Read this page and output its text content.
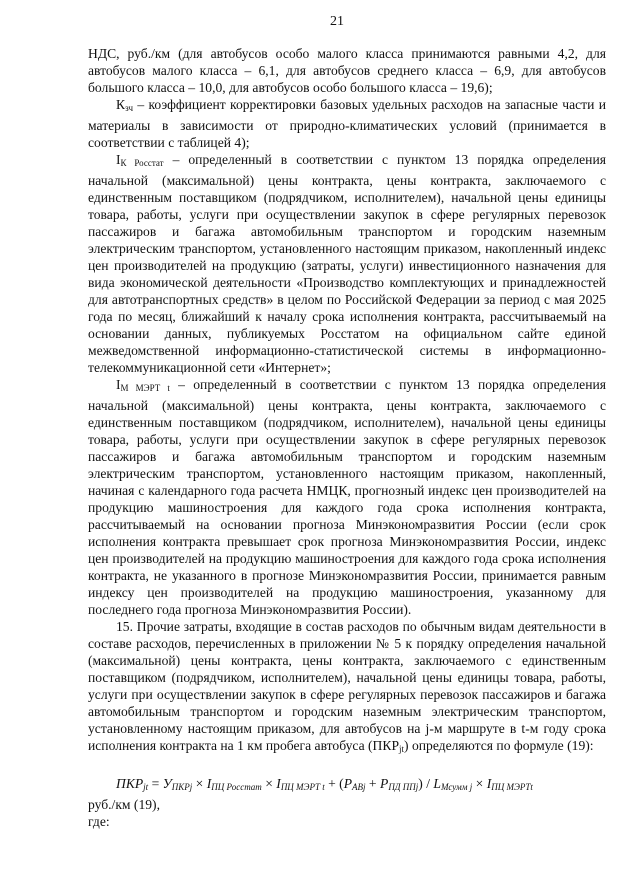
21

НДС, руб./км (для автобусов особо малого класса принимаются равными 4,2, для автобусов малого класса – 6,1, для автобусов среднего класса – 6,9, для автобусов большого класса – 10,0, для автобусов особо большого класса – 19,6);

$К_{зч}$ – коэффициент корректировки базовых удельных расходов на запасные части и материалы в зависимости от природно-климатических условий (принимается в соответствии с таблицей 4);

$I_{К Росстат}$ – определенный в соответствии с пунктом 13 порядка определения начальной (максимальной) цены контракта, цены контракта, заключаемого с единственным поставщиком (подрядчиком, исполнителем), начальной цены единицы товара, работы, услуги при осуществлении закупок в сфере регулярных перевозок пассажиров и багажа автомобильным транспортом и городским наземным электрическим транспортом, установленного настоящим приказом, накопленный индекс цен производителей на продукцию (затраты, услуги) инвестиционного назначения для вида экономической деятельности «Производство комплектующих и принадлежностей для автотранспортных средств» в целом по Российской Федерации за период с мая 2025 года по месяц, ближайший к началу срока исполнения контракта, рассчитываемый на основании данных, публикуемых Росстатом на официальном сайте единой межведомственной информационно-статистической системы в информационно-телекоммуникационной сети «Интернет»;

$I_{М МЭРТ t}$ – определенный в соответствии с пунктом 13 порядка определения начальной (максимальной) цены контракта, цены контракта, заключаемого с единственным поставщиком (подрядчиком, исполнителем), начальной цены единицы товара, работы, услуги при осуществлении закупок в сфере регулярных перевозок пассажиров и багажа автомобильным транспортом и городским наземным электрическим транспортом, установленного настоящим приказом, накопленный, начиная с календарного года расчета НМЦК, прогнозный индекс цен производителей на продукцию машиностроения для каждого года срока исполнения контракта, рассчитываемый на основании прогноза Минэкономразвития России (если срок исполнения контракта превышает срок прогноза Минэкономразвития России, индекс цен производителей на продукцию машиностроения для каждого года срока исполнения контракта, не указанного в прогнозе Минэкономразвития России, принимается равным индексу цен производителей на продукцию машиностроения, указанному для последнего года прогноза Минэкономразвития России).

15. Прочие затраты, входящие в состав расходов по обычным видам деятельности в составе расходов, перечисленных в приложении № 5 к порядку определения начальной (максимальной) цены контракта, цены контракта, заключаемого с единственным поставщиком (подрядчиком, исполнителем), начальной цены единицы товара, работы, услуги при осуществлении закупок в сфере регулярных перевозок пассажиров и багажа автомобильным транспортом и городским наземным электрическим транспортом, установленному настоящим приказом, для автобусов на j-м маршруте в t-м году срока исполнения контракта на 1 км пробега автобуса $(ПКР_{jt})$ определяются по формуле (19):

$ПКР_{jt} = У_{ПКРj} \times I_{ПЦ Росстат} \times I_{ПЦ МЭРТ t} + (Р_{АВj} + Р_{ПД ППj}) / L_{Мсумм j} \times I_{ПЦ МЭРТt}$

руб./км (19),

где:
